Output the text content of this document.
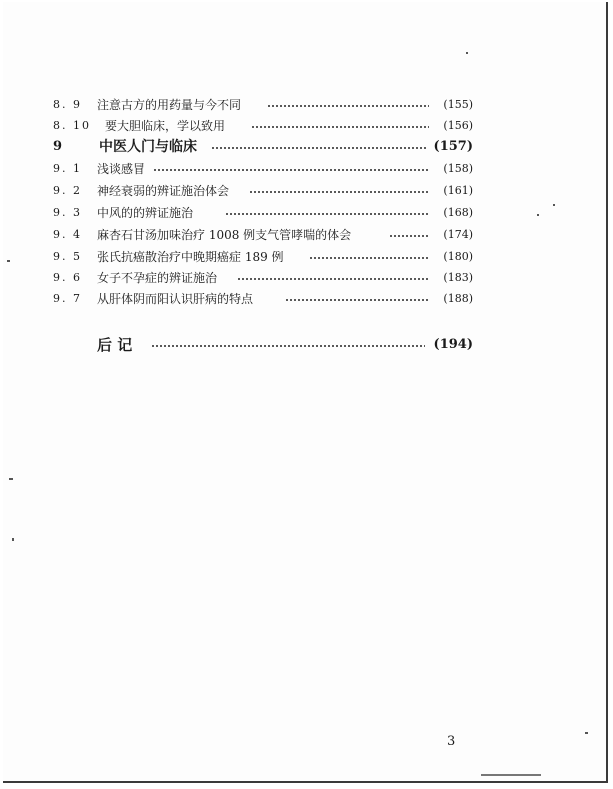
8. 9 注意古方的用药量与今不同	(155)
8. 10 要大胆临床，学以致用	(156)
9 中医人门与临床	(157)
9. 1 浅谈感冒	(158)
9. 2 神经衰弱的辨证施治体会	(161)
9. 3 中风的的辨证施治	(168)
9. 4 麻杏石甘汤加味治疗 1008 例支气管哮喘的体会	(174)
9. 5 张氏抗癌散治疗中晚期癌症 189 例	(180)
9. 6 女子不孕症的辨证施治	(183)
9. 7 从肝体阴而阳认识肝病的特点	(188)
后 记	(194)
3
